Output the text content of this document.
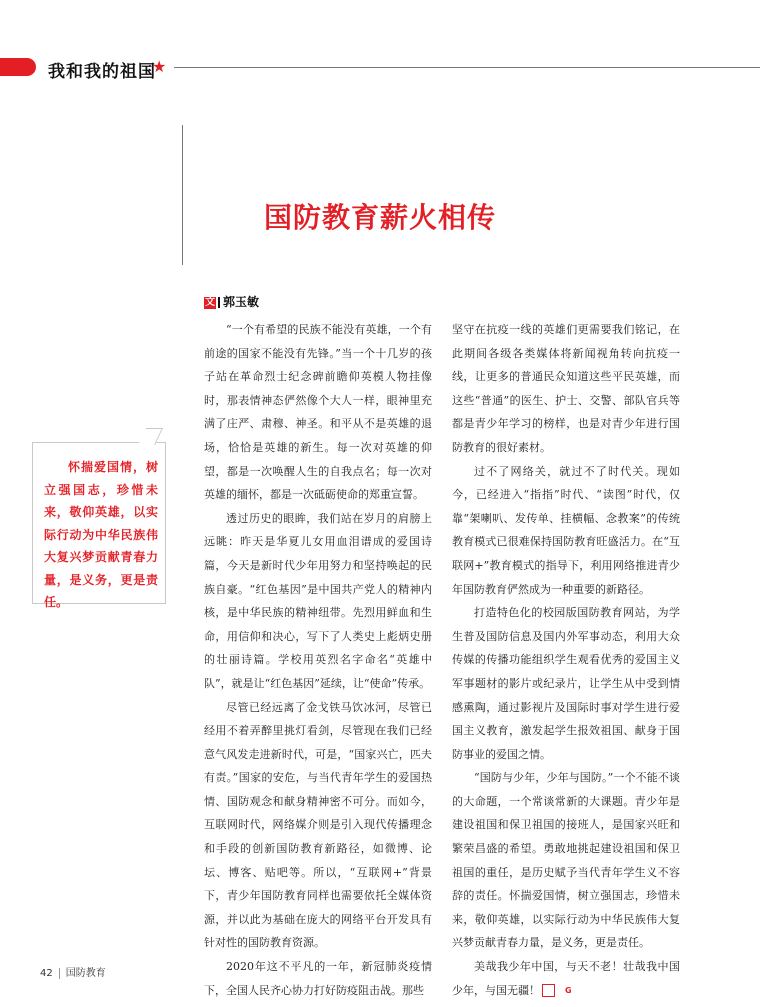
我和我的祖国
★
国防教育薪火相传
文 郭玉敏
怀揣爱国情，树立强国志，珍惜未来，敬仰英雄，以实际行动为中华民族伟大复兴梦贡献青春力量，是义务，更是责任。

“一个有希望的民族不能没有英雄，一个有前途的国家不能没有先锋。”当一个十几岁的孩子站在革命烈士纪念碑前瞻仰英模人物挂像时，那表情神态俨然像个大人一样，眼神里充满了庄严、肃穆、神圣。和平从不是英雄的退场，恰恰是英雄的新生。每一次对英雄的仰望，都是一次唤醒人生的自我点名；每一次对英雄的缅怀，都是一次砥砺使命的郑重宣誓。

透过历史的眼眸，我们站在岁月的肩膀上远眺：昨天是华夏儿女用血泪谱成的爱国诗篇，今天是新时代少年用努力和坚持唤起的民族自豪。“红色基因”是中国共产党人的精神内核，是中华民族的精神纽带。先烈用鲜血和生命，用信仰和决心，写下了人类史上彪炳史册的壮丽诗篇。学校用英烈名字命名“英雄中队”，就是让“红色基因”延续，让“使命”传承。

尽管已经远离了金戈铁马饮冰河，尽管已经用不着弄醉里挑灯看剑，尽管现在我们已经意气风发走进新时代，可是，“国家兴亡，匹夫有责。”国家的安危，与当代青年学生的爱国热情、国防观念和献身精神密不可分。而如今，互联网时代，网络媒介则是引入现代传播理念和手段的创新国防教育新路径，如微博、论坛、博客、贴吧等。所以，“互联网+”背景下，青少年国防教育同样也需要依托全媒体资源，并以此为基础在庞大的网络平台开发具有针对性的国防教育资源。

2020年这不平凡的一年，新冠肺炎疫情下，全国人民齐心协力打好防疫阻击战。那些

坚守在抗疫一线的英雄们更需要我们铭记，在此期间各级各类媒体将新闻视角转向抗疫一线，让更多的普通民众知道这些平民英雄，而这些“普通”的医生、护士、交警、部队官兵等都是青少年学习的榜样，也是对青少年进行国防教育的很好素材。

过不了网络关，就过不了时代关。现如今，已经进入“指指”时代、“读图”时代，仅靠“架喇叭、发传单、挂横幅、念教案”的传统教育模式已很难保持国防教育旺盛活力。在“互联网+”教育模式的指导下，利用网络推进青少年国防教育俨然成为一种重要的新路径。

打造特色化的校园版国防教育网站，为学生普及国防信息及国内外军事动态，利用大众传媒的传播功能组织学生观看优秀的爱国主义军事题材的影片或纪录片，让学生从中受到情感熏陶，通过影视片及国际时事对学生进行爱国主义教育，激发起学生报效祖国、献身于国防事业的爱国之情。

“国防与少年，少年与国防。”一个不能不谈的大命题，一个常谈常新的大课题。青少年是建设祖国和保卫祖国的接班人，是国家兴旺和繁荣昌盛的希望。勇敢地挑起建设祖国和保卫祖国的重任，是历史赋予当代青年学生义不容辞的责任。怀揣爱国情，树立强国志，珍惜未来，敬仰英雄，以实际行动为中华民族伟大复兴梦贡献青春力量，是义务，更是责任。

美哉我少年中国，与天不老！壮哉我中国少年，与国无疆！	G

42 国防教育
